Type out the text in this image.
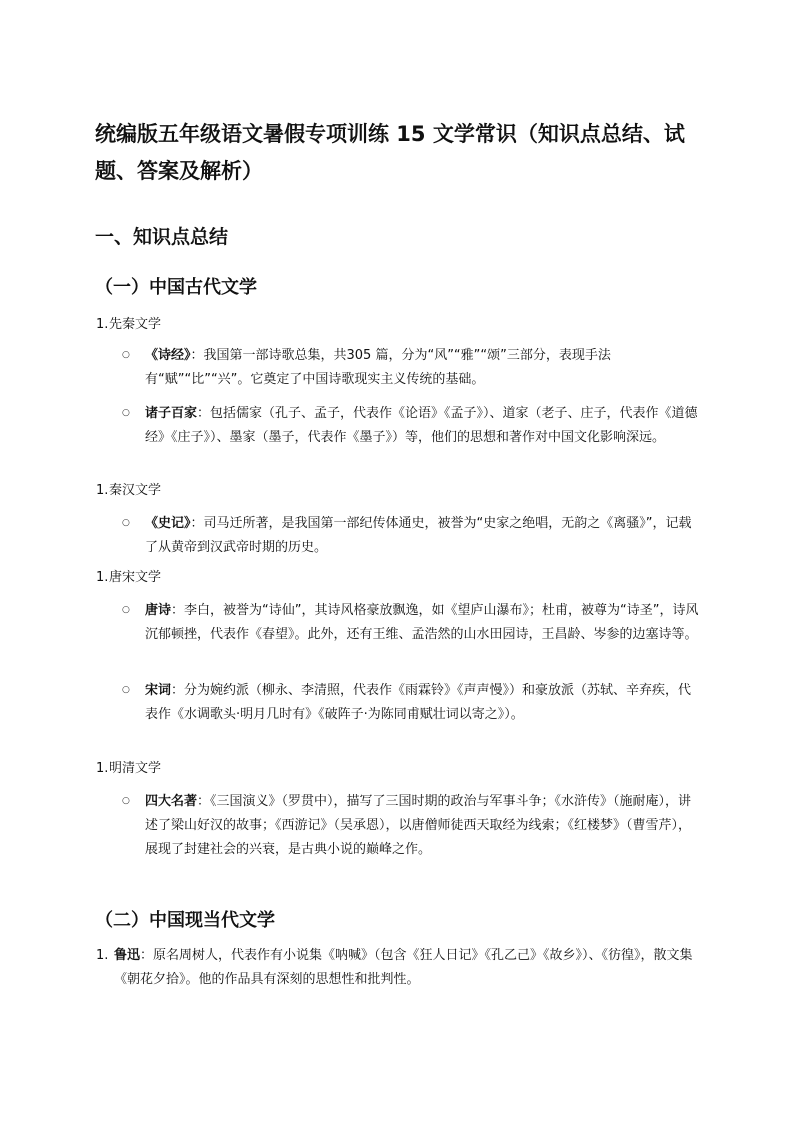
统编版五年级语文暑假专项训练 15 文学常识（知识点总结、试题、答案及解析）
一、知识点总结
（一）中国古代文学
1. 先秦文学
○	《诗经》：我国第一部诗歌总集，共305 篇，分为“风”“雅”“颂”三部分，表现手法有“赋”“比”“兴”。它奠定了中国诗歌现实主义传统的基础。
○	诸子百家：包括儒家（孔子、孟子，代表作《论语》《孟子》）、道家（老子、庄子，代表作《道德经》《庄子》）、墨家（墨子，代表作《墨子》）等，他们的思想和著作对中国文化影响深远。
1. 秦汉文学
○	《史记》：司马迁所著，是我国第一部纪传体通史，被誉为“史家之绝唱，无韵之《离骚》”，记载了从黄帝到汉武帝时期的历史。
1. 唐宋文学
○	唐诗：李白，被誉为“诗仙”，其诗风格豪放飘逸，如《望庐山瀑布》；杜甫，被尊为“诗圣”，诗风沉郁顿挫，代表作《春望》。此外，还有王维、孟浩然的山水田园诗，王昌龄、岑参的边塞诗等。
○	宋词：分为婉约派（柳永、李清照，代表作《雨霖铃》《声声慢》）和豪放派（苏轼、辛弃疾，代表作《水调歌头·明月几时有》《破阵子·为陈同甫赋壮词以寄之》）。
1. 明清文学
○	四大名著：《三国演义》（罗贯中），描写了三国时期的政治与军事斗争；《水浒传》（施耐庵），讲述了梁山好汉的故事；《西游记》（吴承恩），以唐僧师徒西天取经为线索；《红楼梦》（曹雪芹），展现了封建社会的兴衰，是古典小说的巅峰之作。
（二）中国现当代文学
1. 鲁迅：原名周树人，代表作有小说集《呐喊》（包含《狂人日记》《孔乙己》《故乡》）、《彷徨》，散文集《朝花夕拾》。他的作品具有深刻的思想性和批判性。
